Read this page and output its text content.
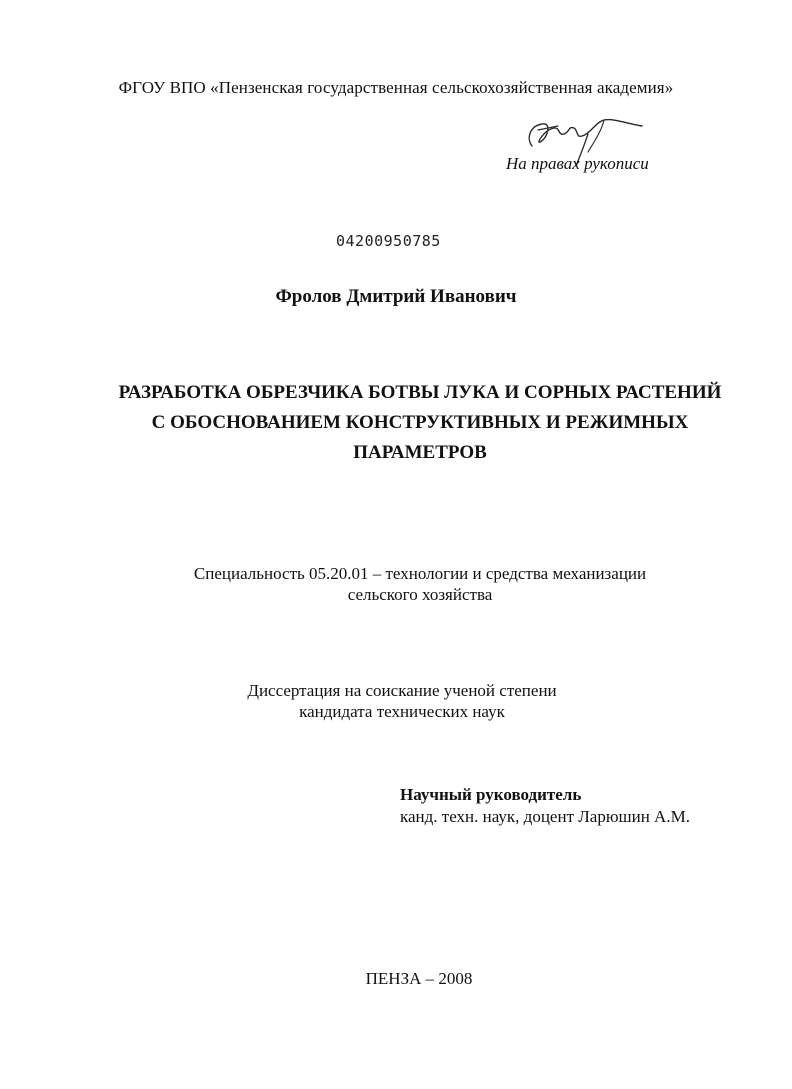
ФГОУ ВПО «Пензенская государственная сельскохозяйственная академия»
На правах рукописи
04200950785
Фролов Дмитрий Иванович
РАЗРАБОТКА ОБРЕЗЧИКА БОТВЫ ЛУКА И СОРНЫХ РАСТЕНИЙ
С ОБОСНОВАНИЕМ КОНСТРУКТИВНЫХ И РЕЖИМНЫХ
ПАРАМЕТРОВ
Специальность 05.20.01 – технологии и средства механизации
сельского хозяйства
Диссертация на соискание ученой степени
кандидата технических наук
Научный руководитель
канд. техн. наук, доцент Ларюшин А.М.
ПЕНЗА – 2008
